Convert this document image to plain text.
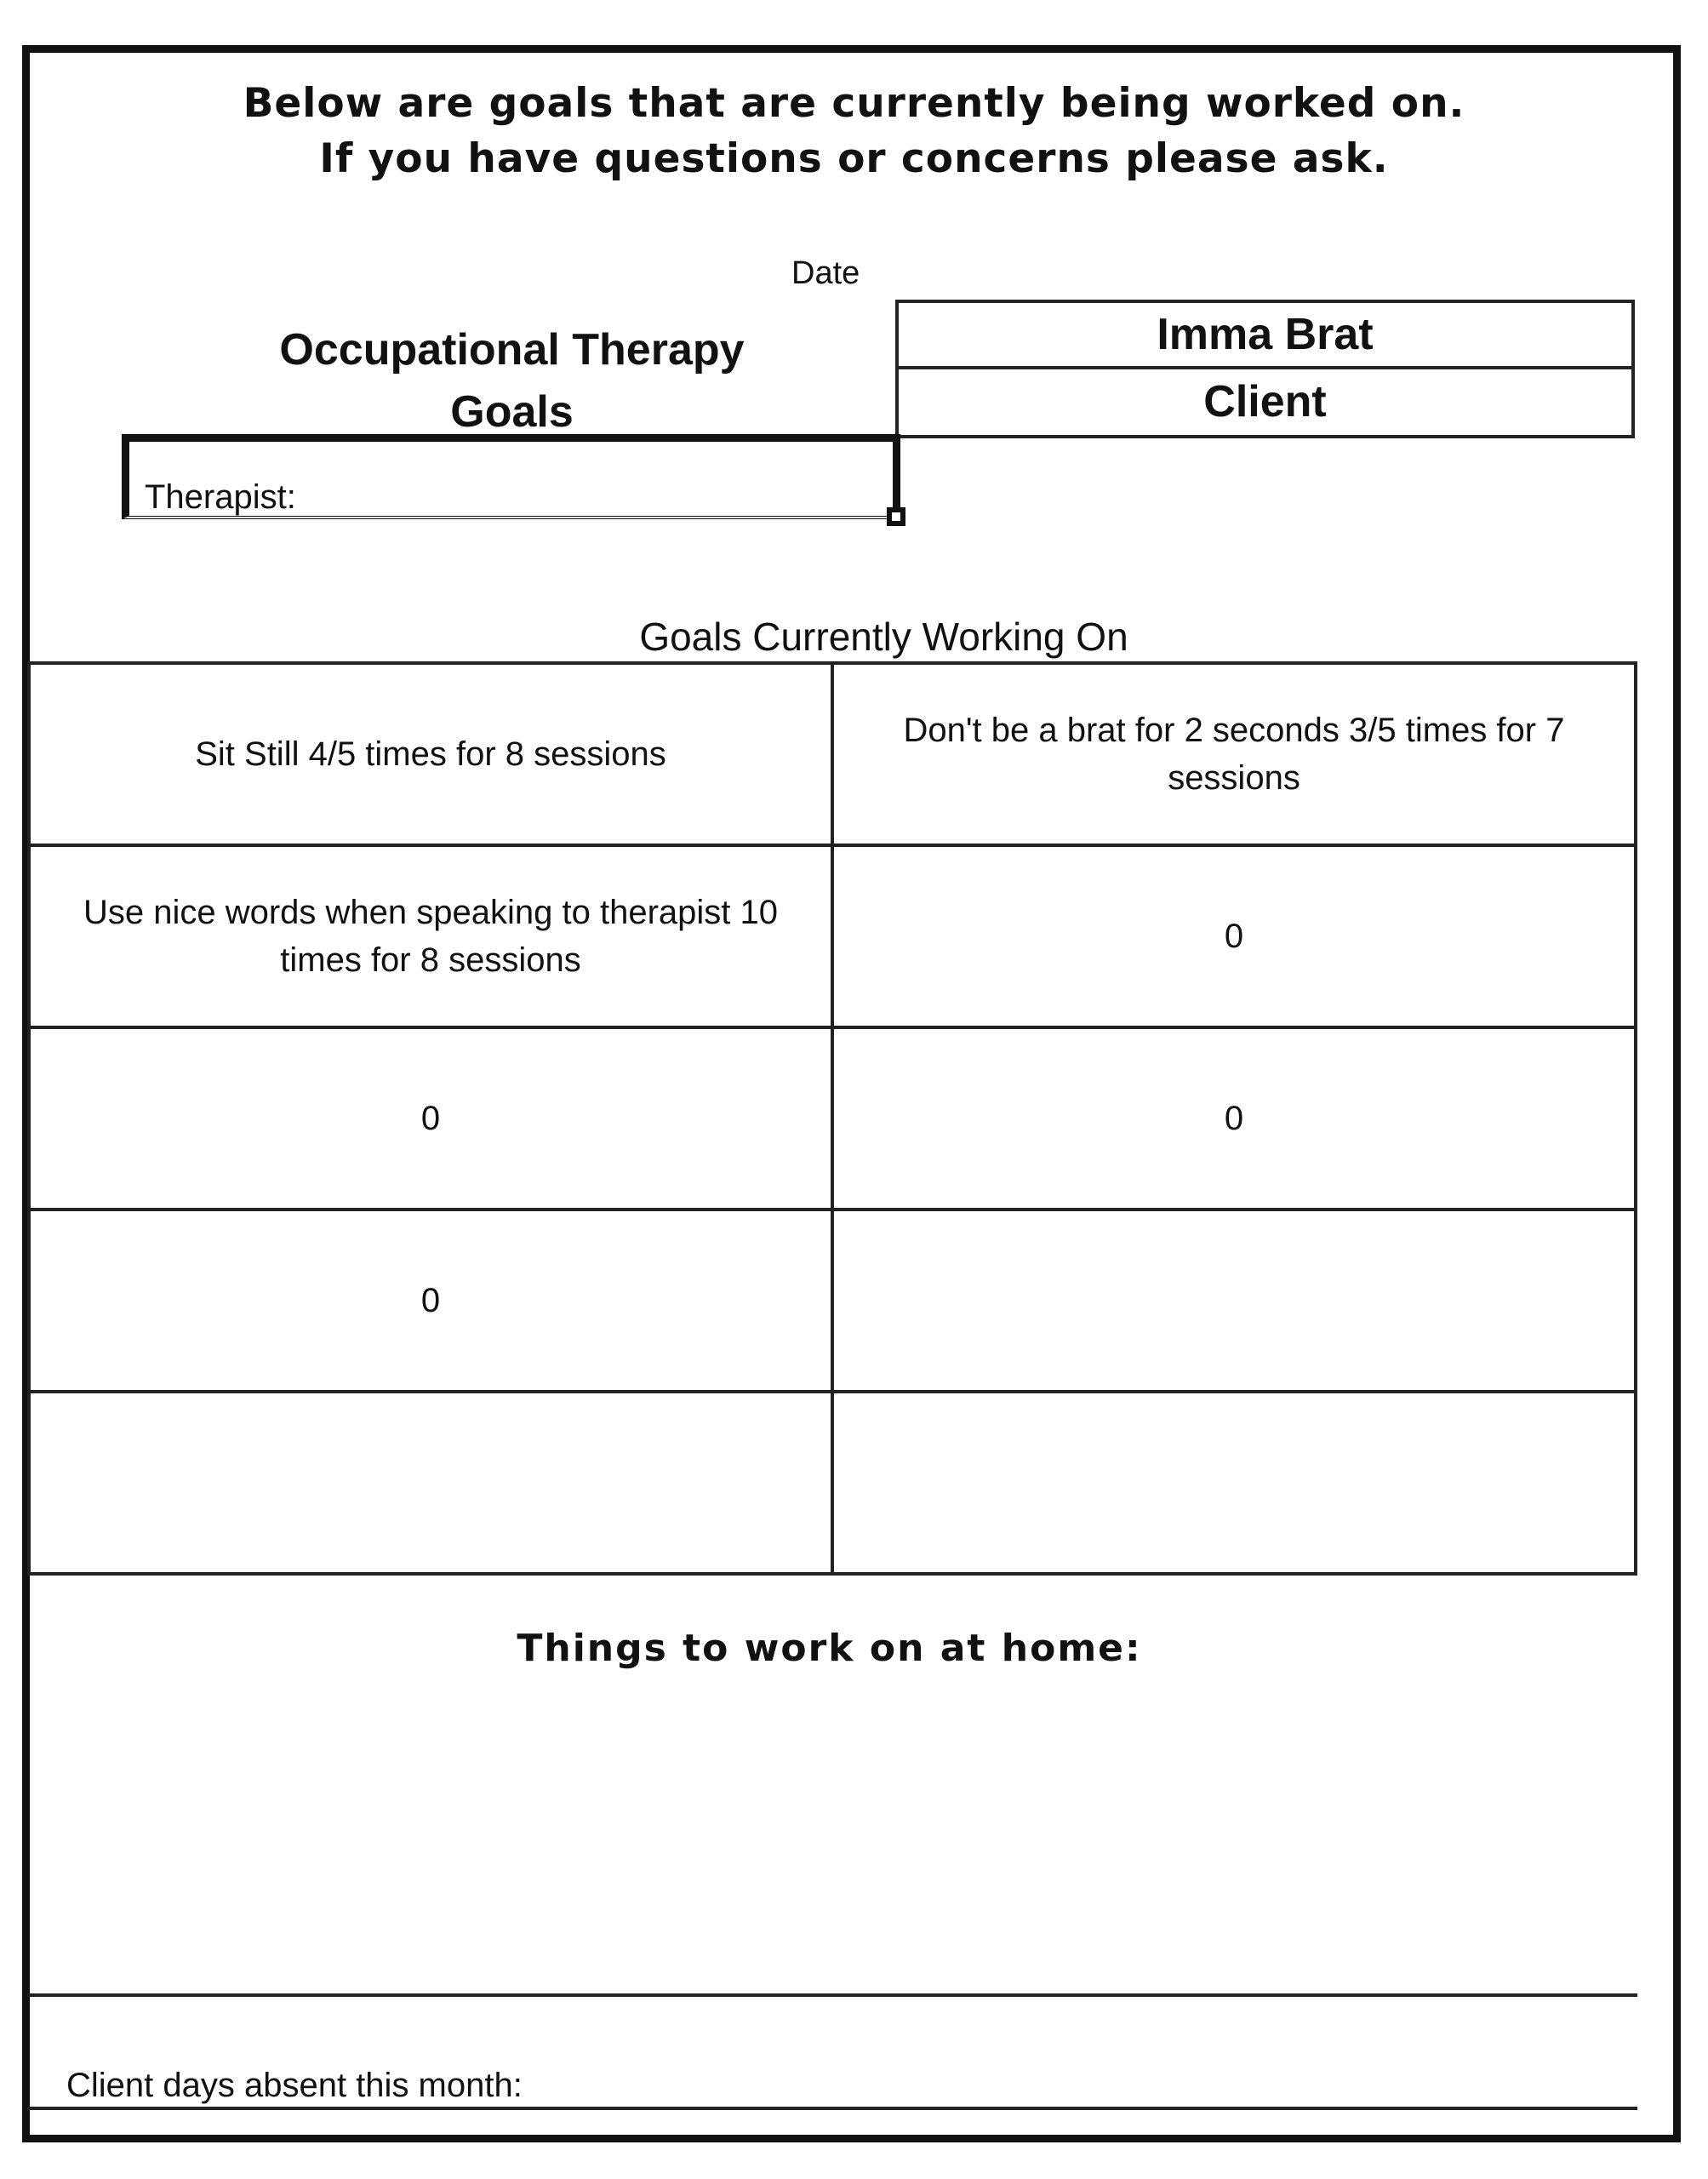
Below are goals that are currently being worked on.
If you have questions or concerns please ask.
Date
Occupational Therapy
Goals
Imma Brat
Client
Therapist:
Goals Currently Working On
Sit Still 4/5 times for 8 sessions	Don't be a brat for 2 seconds 3/5 times for 7 sessions
Use nice words when speaking to therapist 10 times for 8 sessions	0
0	0
0	

Things to work on at home:
Client days absent this month:
